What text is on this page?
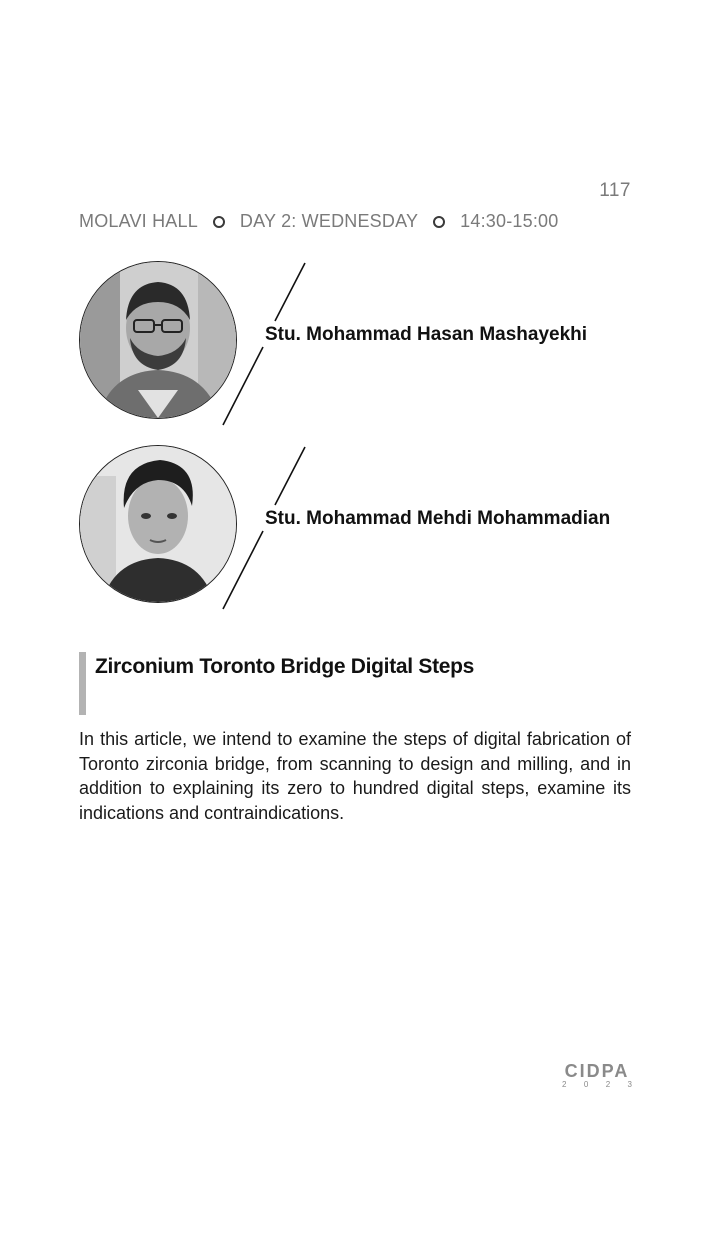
117
MOLAVI HALL DAY 2: WEDNESDAY 14:30-15:00
Stu. Mohammad Hasan Mashayekhi
Stu. Mohammad Mehdi Mohammadian
Zirconium Toronto Bridge Digital Steps
In this article, we intend to examine the steps of digital fabrication of Toronto zirconia bridge, from scanning to design and milling, and in addition to explaining its zero to hundred digital steps, examine its indications and contraindications.
CIDPA
2 0 2 3
